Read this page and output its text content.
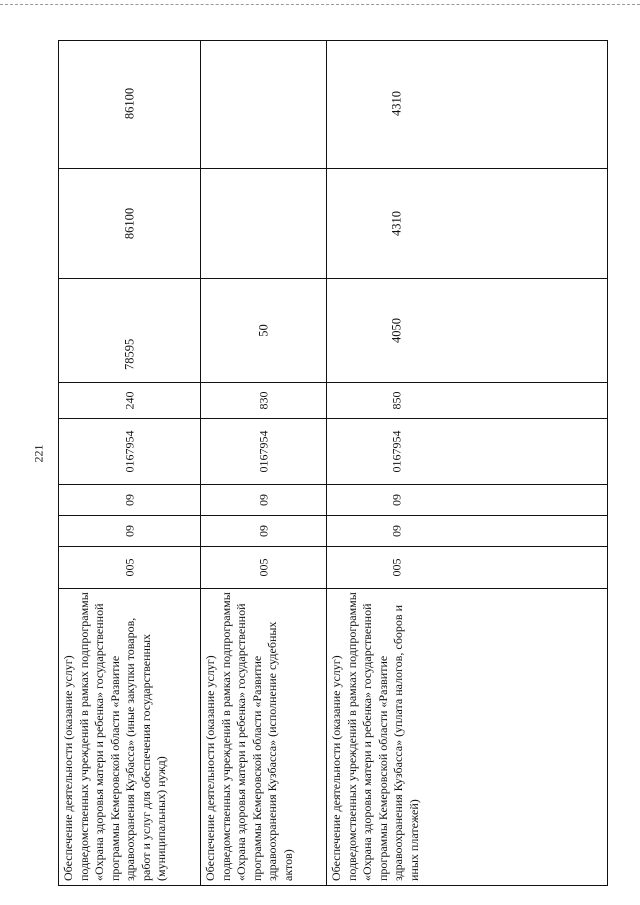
221
Обеспечение деятельности (оказание услуг) подведомственных учреждений в рамках подпрограммы «Охрана здоровья матери и ребенка» государственной программы Кемеровской области «Развитие здравоохранения Кузбасса» (иные закупки товаров, работ и услуг для обеспечения государственных (муниципальных) нужд)
005
09
09
0167954
240
78595
86100
86100
Обеспечение деятельности (оказание услуг) подведомственных учреждений в рамках подпрограммы «Охрана здоровья матери и ребенка» государственной программы Кемеровской области «Развитие здравоохранения Кузбасса» (исполнение судебных актов)
005
09
09
0167954
830
50
Обеспечение деятельности (оказание услуг) подведомственных учреждений в рамках подпрограммы «Охрана здоровья матери и ребенка» государственной программы Кемеровской области «Развитие здравоохранения Кузбасса» (уплата налогов, сборов и иных платежей)
005
09
09
0167954
850
4050
4310
4310
